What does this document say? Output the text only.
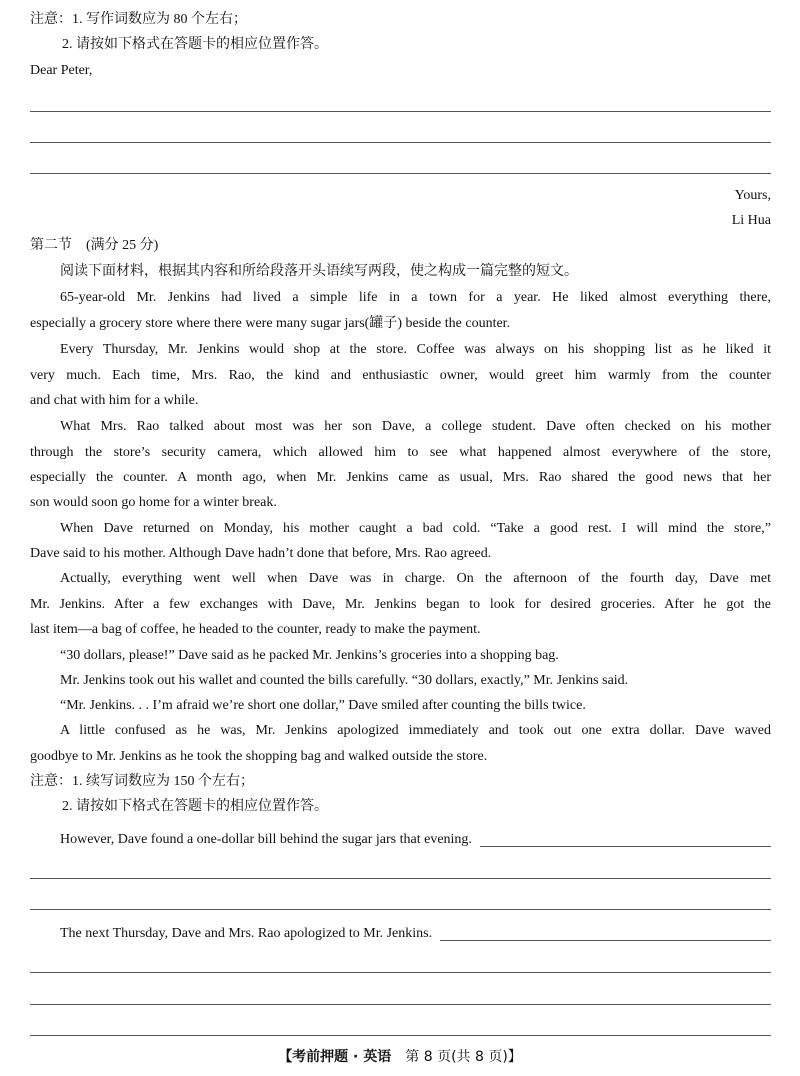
注意：1. 写作词数应为 80 个左右；
2. 请按如下格式在答题卡的相应位置作答。
Dear Peter,
Yours,
Li Hua
第二节　(满分 25 分)
阅读下面材料，根据其内容和所给段落开头语续写两段，使之构成一篇完整的短文。
65-year-old Mr. Jenkins had lived a simple life in a town for a year. He liked almost everything there,
especially a grocery store where there were many sugar jars(罐子) beside the counter.
Every Thursday, Mr. Jenkins would shop at the store. Coffee was always on his shopping list as he liked it
very much. Each time, Mrs. Rao, the kind and enthusiastic owner, would greet him warmly from the counter
and chat with him for a while.
What Mrs. Rao talked about most was her son Dave, a college student. Dave often checked on his mother
through the store’s security camera, which allowed him to see what happened almost everywhere of the store,
especially the counter. A month ago, when Mr. Jenkins came as usual, Mrs. Rao shared the good news that her
son would soon go home for a winter break.
When Dave returned on Monday, his mother caught a bad cold. “Take a good rest. I will mind the store,”
Dave said to his mother. Although Dave hadn’t done that before, Mrs. Rao agreed.
Actually, everything went well when Dave was in charge. On the afternoon of the fourth day, Dave met
Mr. Jenkins. After a few exchanges with Dave, Mr. Jenkins began to look for desired groceries. After he got the
last item—a bag of coffee, he headed to the counter, ready to make the payment.
“30 dollars, please!” Dave said as he packed Mr. Jenkins’s groceries into a shopping bag.
Mr. Jenkins took out his wallet and counted the bills carefully. “30 dollars, exactly,” Mr. Jenkins said.
“Mr. Jenkins. . . I’m afraid we’re short one dollar,” Dave smiled after counting the bills twice.
A little confused as he was, Mr. Jenkins apologized immediately and took out one extra dollar. Dave waved
goodbye to Mr. Jenkins as he took the shopping bag and walked outside the store.
注意：1. 续写词数应为 150 个左右；
2. 请按如下格式在答题卡的相应位置作答。
However, Dave found a one-dollar bill behind the sugar jars that evening.
The next Thursday, Dave and Mrs. Rao apologized to Mr. Jenkins.
【考前押题 · 英语　第 8 页(共 8 页)】
